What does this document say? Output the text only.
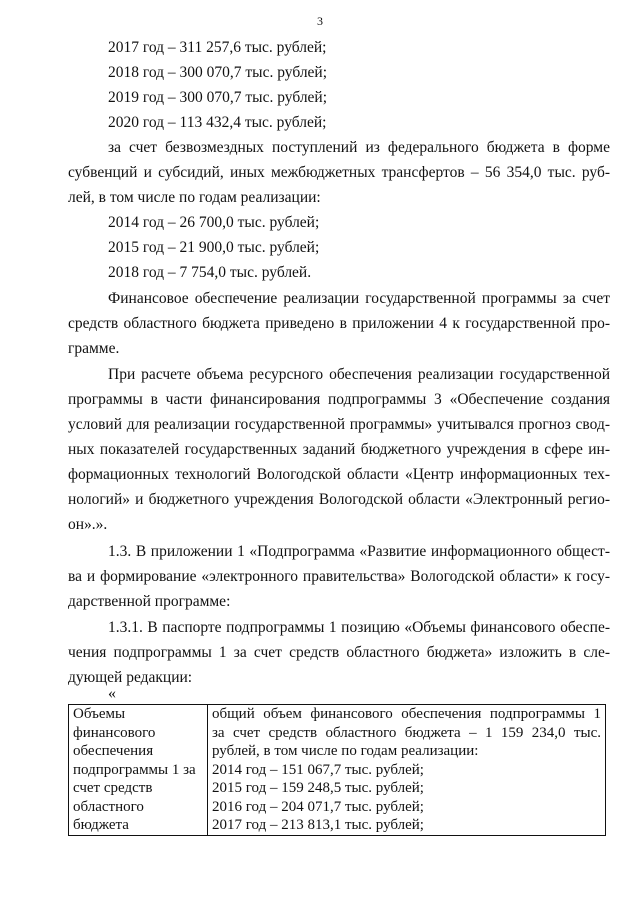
3
2017 год – 311 257,6 тыс. рублей;
2018 год – 300 070,7 тыс. рублей;
2019 год – 300 070,7 тыс. рублей;
2020 год – 113 432,4 тыс. рублей;
за счет безвозмездных поступлений из федерального бюджета в форме
субвенций и субсидий, иных межбюджетных трансфертов – 56 354,0 тыс. руб-
лей, в том числе по годам реализации:
2014 год – 26 700,0 тыс. рублей;
2015 год – 21 900,0 тыс. рублей;
2018 год – 7 754,0 тыс. рублей.
Финансовое обеспечение реализации государственной программы за счет
средств областного бюджета приведено в приложении 4 к государственной про-
грамме.
При расчете объема ресурсного обеспечения реализации государственной
программы в части финансирования подпрограммы 3 «Обеспечение создания
условий для реализации государственной программы» учитывался прогноз свод-
ных показателей государственных заданий бюджетного учреждения в сфере ин-
формационных технологий Вологодской области «Центр информационных тех-
нологий» и бюджетного учреждения Вологодской области «Электронный регио-
он».».
1.3. В приложении 1 «Подпрограмма «Развитие информационного общест-
ва и формирование «электронного правительства» Вологодской области» к госу-
дарственной программе:
1.3.1. В паспорте подпрограммы 1 позицию «Объемы финансового обеспе-
чения подпрограммы 1 за счет средств областного бюджета» изложить в сле-
дующей редакции:
«
Объемы
финансового
обеспечения
подпрограммы 1 за
счет средств
областного
бюджета

общий объем финансового обеспечения подпрограммы 1
за счет средств областного бюджета – 1 159 234,0 тыс.
рублей, в том числе по годам реализации:
2014 год – 151 067,7 тыс. рублей;
2015 год – 159 248,5 тыс. рублей;
2016 год – 204 071,7 тыс. рублей;
2017 год – 213 813,1 тыс. рублей;
